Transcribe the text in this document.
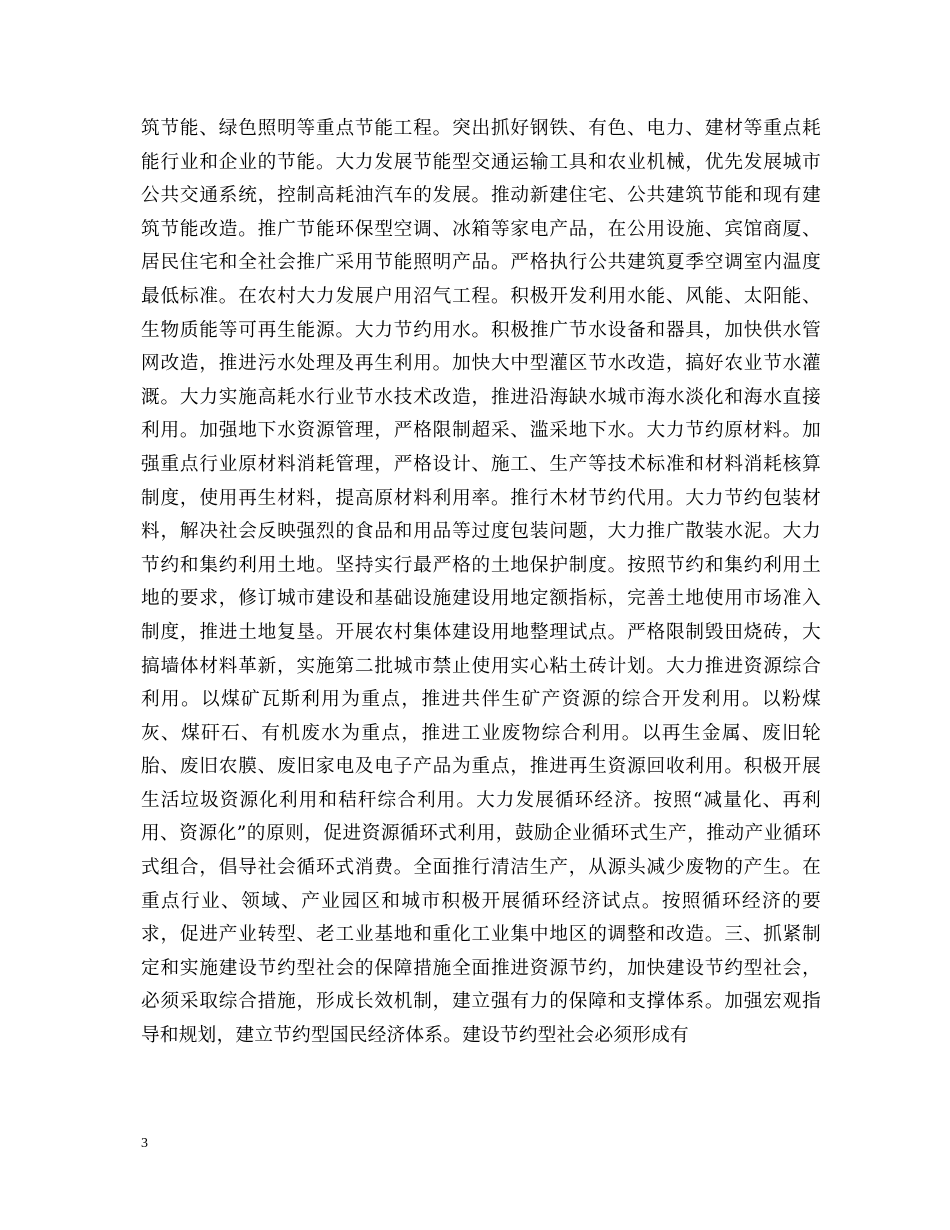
筑节能、绿色照明等重点节能工程。突出抓好钢铁、有色、电力、建材等重点耗能行业和企业的节能。大力发展节能型交通运输工具和农业机械，优先发展城市公共交通系统，控制高耗油汽车的发展。推动新建住宅、公共建筑节能和现有建筑节能改造。推广节能环保型空调、冰箱等家电产品，在公用设施、宾馆商厦、居民住宅和全社会推广采用节能照明产品。严格执行公共建筑夏季空调室内温度最低标准。在农村大力发展户用沼气工程。积极开发利用水能、风能、太阳能、生物质能等可再生能源。大力节约用水。积极推广节水设备和器具，加快供水管网改造，推进污水处理及再生利用。加快大中型灌区节水改造，搞好农业节水灌溉。大力实施高耗水行业节水技术改造，推进沿海缺水城市海水淡化和海水直接利用。加强地下水资源管理，严格限制超采、滥采地下水。大力节约原材料。加强重点行业原材料消耗管理，严格设计、施工、生产等技术标准和材料消耗核算制度，使用再生材料，提高原材料利用率。推行木材节约代用。大力节约包装材料，解决社会反映强烈的食品和用品等过度包装问题，大力推广散装水泥。大力节约和集约利用土地。坚持实行最严格的土地保护制度。按照节约和集约利用土地的要求，修订城市建设和基础设施建设用地定额指标，完善土地使用市场准入制度，推进土地复垦。开展农村集体建设用地整理试点。严格限制毁田烧砖，大搞墙体材料革新，实施第二批城市禁止使用实心粘土砖计划。大力推进资源综合利用。以煤矿瓦斯利用为重点，推进共伴生矿产资源的综合开发利用。以粉煤灰、煤矸石、有机废水为重点，推进工业废物综合利用。以再生金属、废旧轮胎、废旧农膜、废旧家电及电子产品为重点，推进再生资源回收利用。积极开展生活垃圾资源化利用和秸秆综合利用。大力发展循环经济。按照“减量化、再利用、资源化”的原则，促进资源循环式利用，鼓励企业循环式生产，推动产业循环式组合，倡导社会循环式消费。全面推行清洁生产，从源头减少废物的产生。在重点行业、领域、产业园区和城市积极开展循环经济试点。按照循环经济的要求，促进产业转型、老工业基地和重化工业集中地区的调整和改造。三、抓紧制定和实施建设节约型社会的保障措施全面推进资源节约，加快建设节约型社会，必须采取综合措施，形成长效机制，建立强有力的保障和支撑体系。加强宏观指导和规划，建立节约型国民经济体系。建设节约型社会必须形成有

3
